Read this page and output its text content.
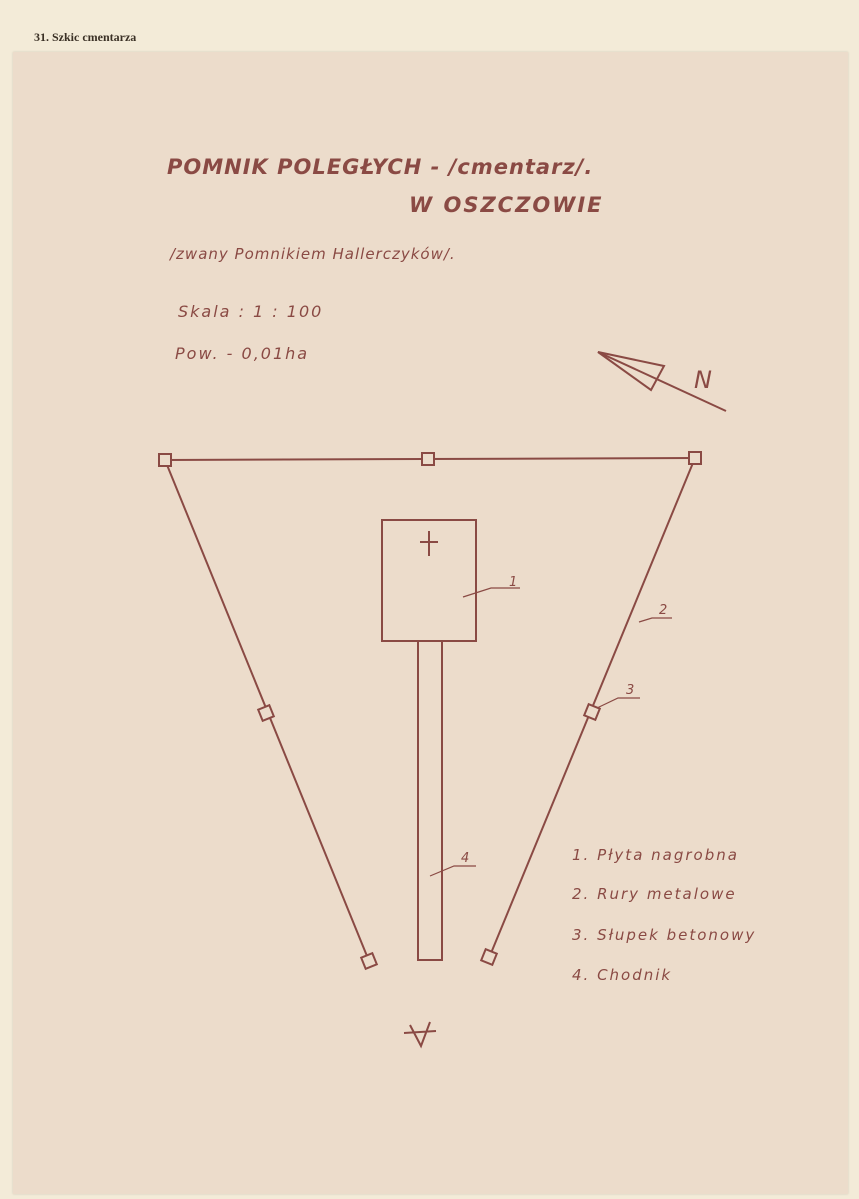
31. Szkic cmentarza
POMNIK POLEGŁYCH - /cmentarz/.
W OSZCZOWIE
/zwany Pomnikiem Hallerczyków/.
Skala : 1 : 100
Pow. - 0,01ha
1
2
3
4
N
1. Płyta nagrobna
2. Rury metalowe
3. Słupek betonowy
4. Chodnik
